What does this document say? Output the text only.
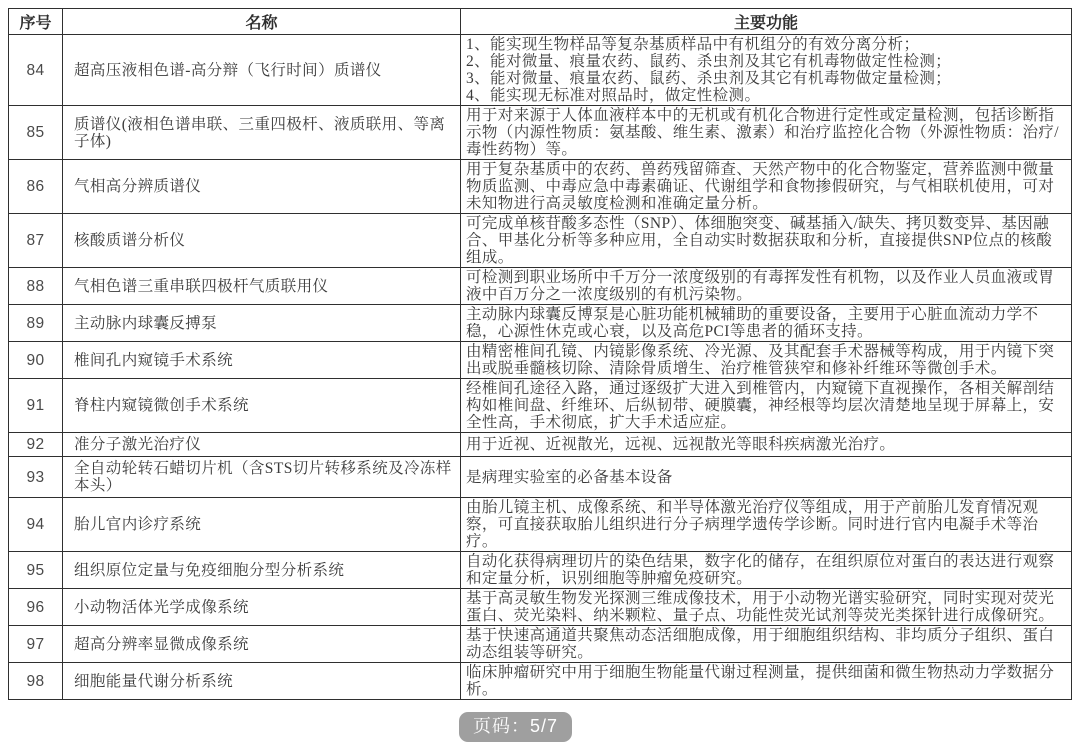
序号	名称	主要功能
84	超高压液相色谱-高分辩（飞行时间）质谱仪	1、能实现生物样品等复杂基质样品中有机组分的有效分离分析；
2、能对微量、痕量农药、鼠药、杀虫剂及其它有机毒物做定性检测；
3、能对微量、痕量农药、鼠药、杀虫剂及其它有机毒物做定量检测；
4、能实现无标准对照品时，做定性检测。

85	质谱仪(液相色谱串联、三重四极杆、液质联用、等离子体)	用于对来源于人体血液样本中的无机或有机化合物进行定性或定量检测，包括诊断指示物（内源性物质：氨基酸、维生素、激素）和治疗监控化合物（外源性物质：治疗/毒性药物）等。

86	气相高分辨质谱仪	用于复杂基质中的农药、兽药残留筛查、天然产物中的化合物鉴定，营养监测中微量物质监测、中毒应急中毒素确证、代谢组学和食物掺假研究，与气相联机使用，可对未知物进行高灵敏度检测和准确定量分析。

87	核酸质谱分析仪	可完成单核苷酸多态性（SNP）、体细胞突变、碱基插入/缺失、拷贝数变异、基因融合、甲基化分析等多种应用，全自动实时数据获取和分析，直接提供SNP位点的核酸组成。

88	气相色谱三重串联四极杆气质联用仪	可检测到职业场所中千万分一浓度级别的有毒挥发性有机物，以及作业人员血液或胃液中百万分之一浓度级别的有机污染物。

89	主动脉内球囊反搏泵	主动脉内球囊反博泵是心脏功能机械辅助的重要设备，主要用于心脏血流动力学不稳，心源性休克或心衰，以及高危PCI等患者的循环支持。

90	椎间孔内窥镜手术系统	由精密椎间孔镜、内镜影像系统、冷光源、及其配套手术器械等构成，用于内镜下突出或脱垂髓核切除、清除骨质增生、治疗椎管狭窄和修补纤维环等微创手术。

91	脊柱内窥镜微创手术系统	经椎间孔途径入路，通过逐级扩大进入到椎管内，内窥镜下直视操作，各相关解剖结构如椎间盘、纤维环、后纵韧带、硬膜囊，神经根等均层次清楚地呈现于屏幕上，安全性高，手术彻底，扩大手术适应症。

92	准分子激光治疗仪	用于近视、近视散光，远视、远视散光等眼科疾病激光治疗。

93	全自动轮转石蜡切片机（含STS切片转移系统及冷冻样本头）	是病理实验室的必备基本设备

94	胎儿官内诊疗系统	由胎儿镜主机、成像系统、和半导体激光治疗仪等组成，用于产前胎儿发育情况观察，可直接获取胎儿组织进行分子病理学遗传学诊断。同时进行官内电凝手术等治疗。

95	组织原位定量与免疫细胞分型分析系统	自动化获得病理切片的染色结果，数字化的储存，在组织原位对蛋白的表达进行观察和定量分析，识别细胞等肿瘤免疫研究。

96	小动物活体光学成像系统	基于高灵敏生物发光探测三维成像技术，用于小动物光谱实验研究，同时实现对荧光蛋白、荧光染料、纳米颗粒、量子点、功能性荧光试剂等荧光类探针进行成像研究。

97	超高分辨率显微成像系统	基于快速高通道共聚焦动态活细胞成像，用于细胞组织结构、非均质分子组织、蛋白动态组装等研究。

98	细胞能量代谢分析系统	临床肿瘤研究中用于细胞生物能量代谢过程测量，提供细菌和微生物热动力学数据分析。
页码：5/7
